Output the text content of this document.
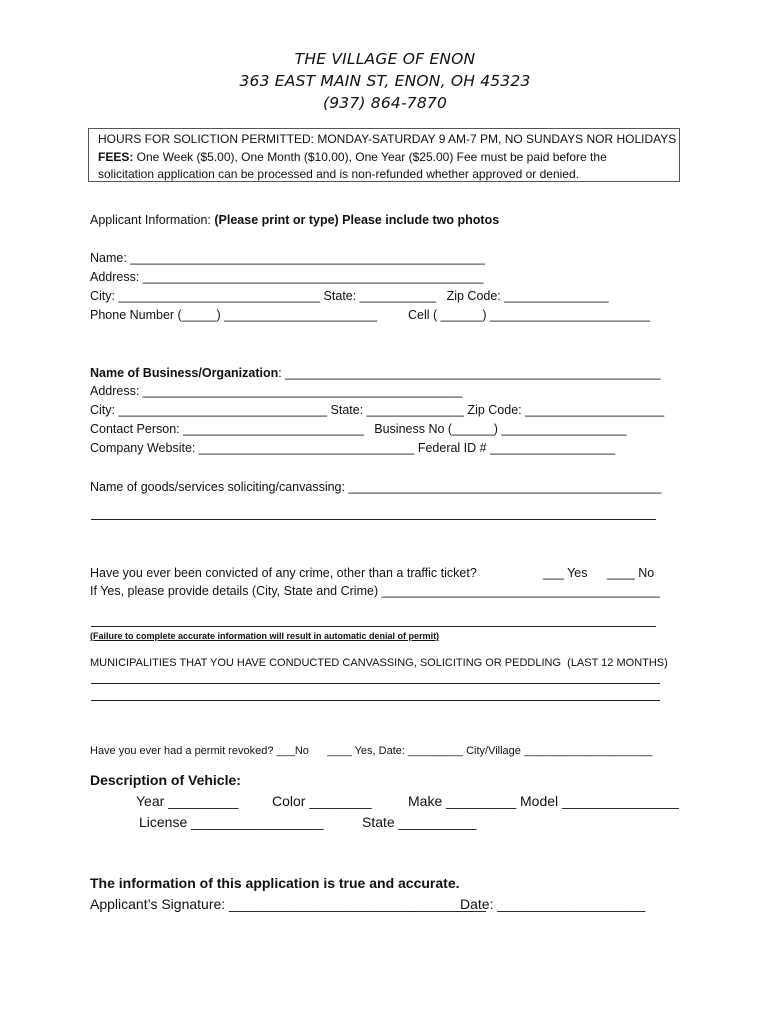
THE VILLAGE OF ENON
363 EAST MAIN ST, ENON, OH 45323
(937) 864-7870
HOURS FOR SOLICTION PERMITTED: MONDAY-SATURDAY 9 AM-7 PM, NO SUNDAYS NOR HOLIDAYS
FEES: One Week ($5.00), One Month ($10.00), One Year ($25.00) Fee must be paid before the
solicitation application can be processed and is non-refunded whether approved or denied.
Applicant Information: (Please print or type) Please include two photos
Name: ___________________________________________________
Address: _________________________________________________
City: _____________________________ State: ___________   Zip Code: _______________
Phone Number (_____) ______________________ Cell ( ______) _______________________
Name of Business/Organization: ______________________________________________________
Address: ______________________________________________
City: ______________________________ State: ______________ Zip Code: ____________________
Contact Person: __________________________   Business No (______) __________________
Company Website: _______________________________ Federal ID # __________________
Name of goods/services soliciting/canvassing: _____________________________________________
Have you ever been convicted of any crime, other than a traffic ticket?	___ Yes ____ No
If Yes, please provide details (City, State and Crime) ________________________________________
(Failure to complete accurate information will result in automatic denial of permit)
MUNICIPALITIES THAT YOU HAVE CONDUCTED CANVASSING, SOLICITING OR PEDDLING  (LAST 12 MONTHS)
Have you ever had a permit revoked? ___No      ____ Yes, Date: _________ City/Village _____________________
Description of Vehicle:
Year _________ Color ________	Make _________ Model _______________
License _________________	State __________
The information of this application is true and accurate.
Applicant’s Signature: _________________________________
Date: ___________________
